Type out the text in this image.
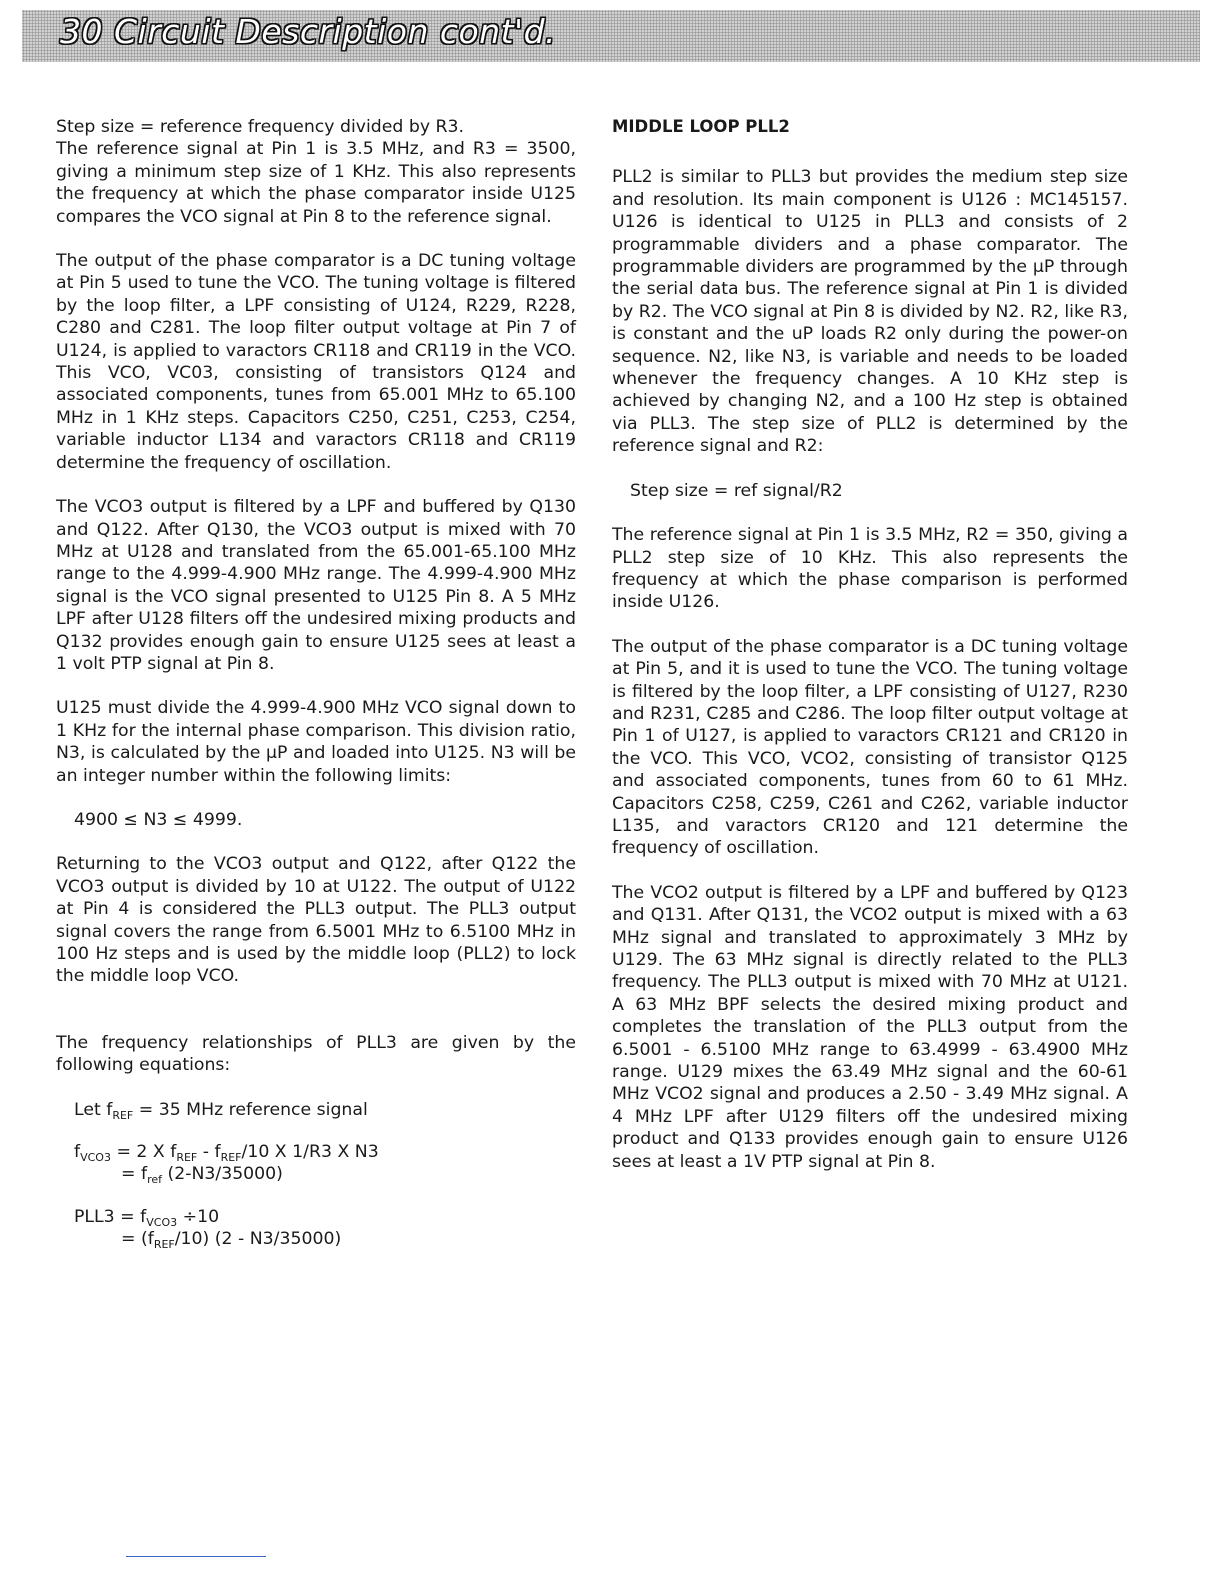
30 Circuit Description cont'd.

Step size = reference frequency divided by R3.

The reference signal at Pin 1 is 3.5 MHz, and R3 = 3500, giving a minimum step size of 1 KHz. This also represents the frequency at which the phase comparator inside U125 compares the VCO signal at Pin 8 to the reference signal.

The output of the phase comparator is a DC tuning voltage at Pin 5 used to tune the VCO. The tuning voltage is filtered by the loop filter, a LPF consisting of U124, R229, R228, C280 and C281. The loop filter output voltage at Pin 7 of U124, is applied to varactors CR118 and CR119 in the VCO. This VCO, VC03, consisting of transistors Q124 and associated components, tunes from 65.001 MHz to 65.100 MHz in 1 KHz steps. Capacitors C250, C251, C253, C254, variable inductor L134 and varactors CR118 and CR119 determine the frequency of oscillation.

The VCO3 output is filtered by a LPF and buffered by Q130 and Q122. After Q130, the VCO3 output is mixed with 70 MHz at U128 and translated from the 65.001-65.100 MHz range to the 4.999-4.900 MHz range. The 4.999-4.900 MHz signal is the VCO signal presented to U125 Pin 8. A 5 MHz LPF after U128 filters off the undesired mixing products and Q132 provides enough gain to ensure U125 sees at least a 1 volt PTP signal at Pin 8.

U125 must divide the 4.999-4.900 MHz VCO signal down to 1 KHz for the internal phase comparison. This division ratio, N3, is calculated by the µP and loaded into U125. N3 will be an integer number within the following limits:

4900 ≤ N3 ≤ 4999.

Returning to the VCO3 output and Q122, after Q122 the VCO3 output is divided by 10 at U122. The output of U122 at Pin 4 is considered the PLL3 output. The PLL3 output signal covers the range from 6.5001 MHz to 6.5100 MHz in 100 Hz steps and is used by the middle loop (PLL2) to lock the middle loop VCO.

The frequency relationships of PLL3 are given by the following equations:

Let $f_{REF} = 35$ MHz reference signal
$f_{VCO3} = 2$ X $f_{REF} - f_{REF}/10$ X 1/R3 X N3
= $f_{ref}$ (2-N3/35000)
$PLL3 = f_{VCO3} \div 10$
= $(f_{REF}/10)$ (2 - N3/35000)
MIDDLE LOOP PLL2

PLL2 is similar to PLL3 but provides the medium step size and resolution. Its main component is U126 : MC145157. U126 is identical to U125 in PLL3 and consists of 2 programmable dividers and a phase comparator. The programmable dividers are programmed by the µP through the serial data bus. The reference signal at Pin 1 is divided by R2. The VCO signal at Pin 8 is divided by N2. R2, like R3, is constant and the uP loads R2 only during the power-on sequence. N2, like N3, is variable and needs to be loaded whenever the frequency changes. A 10 KHz step is achieved by changing N2, and a 100 Hz step is obtained via PLL3. The step size of PLL2 is determined by the reference signal and R2:

Step size = ref signal/R2

The reference signal at Pin 1 is 3.5 MHz, R2 = 350, giving a PLL2 step size of 10 KHz. This also represents the frequency at which the phase comparison is performed inside U126.

The output of the phase comparator is a DC tuning voltage at Pin 5, and it is used to tune the VCO. The tuning voltage is filtered by the loop filter, a LPF consisting of U127, R230 and R231, C285 and C286. The loop filter output voltage at Pin 1 of U127, is applied to varactors CR121 and CR120 in the VCO. This VCO, VCO2, consisting of transistor Q125 and associated components, tunes from 60 to 61 MHz. Capacitors C258, C259, C261 and C262, variable inductor L135, and varactors CR120 and 121 determine the frequency of oscillation.

The VCO2 output is filtered by a LPF and buffered by Q123 and Q131. After Q131, the VCO2 output is mixed with a 63 MHz signal and translated to approximately 3 MHz by U129. The 63 MHz signal is directly related to the PLL3 frequency. The PLL3 output is mixed with 70 MHz at U121. A 63 MHz BPF selects the desired mixing product and completes the translation of the PLL3 output from the 6.5001 - 6.5100 MHz range to 63.4999 - 63.4900 MHz range. U129 mixes the 63.49 MHz signal and the 60-61 MHz VCO2 signal and produces a 2.50 - 3.49 MHz signal. A 4 MHz LPF after U129 filters off the undesired mixing product and Q133 provides enough gain to ensure U126 sees at least a 1V PTP signal at Pin 8.
